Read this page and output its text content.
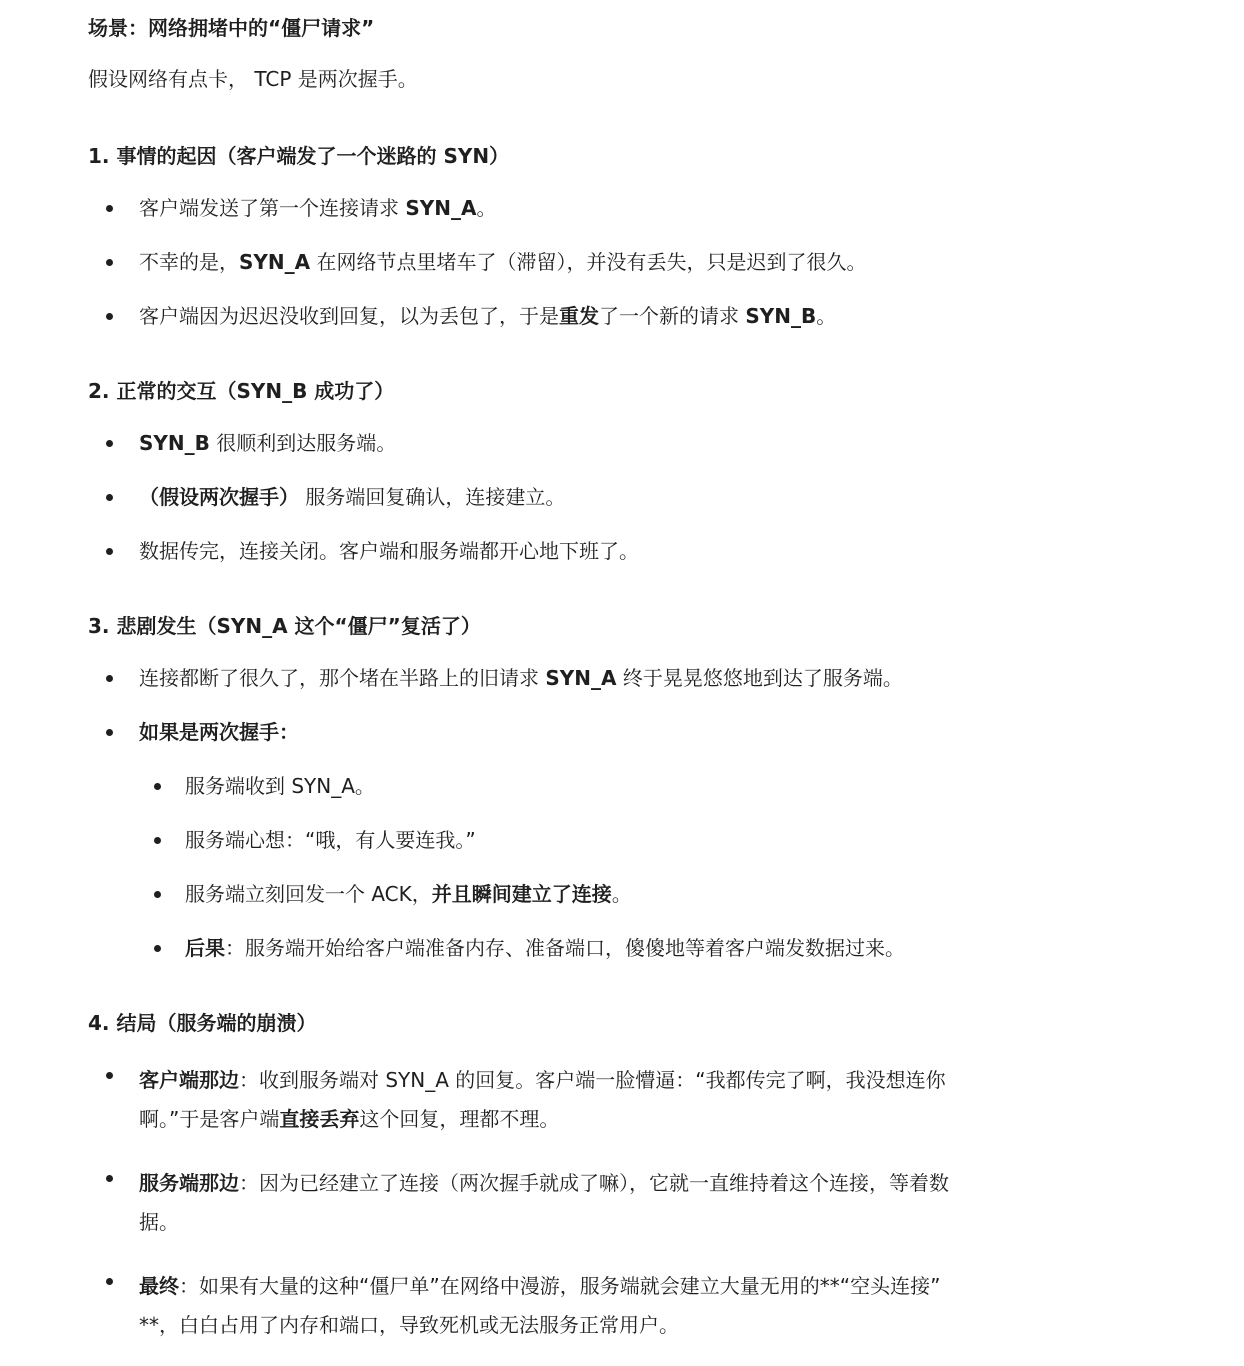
场景：网络拥堵中的“僵尸请求”

假设网络有点卡， TCP 是两次握手。

1. 事情的起因（客户端发了一个迷路的 SYN）

客户端发送了第一个连接请求 SYN_A。
不幸的是，SYN_A 在网络节点里堵车了（滞留），并没有丢失，只是迟到了很久。
客户端因为迟迟没收到回复，以为丢包了，于是重发了一个新的请求 SYN_B。

2. 正常的交互（SYN_B 成功了）

SYN_B 很顺利到达服务端。
（假设两次握手） 服务端回复确认，连接建立。
数据传完，连接关闭。客户端和服务端都开心地下班了。

3. 悲剧发生（SYN_A 这个“僵尸”复活了）

连接都断了很久了，那个堵在半路上的旧请求 SYN_A 终于晃晃悠悠地到达了服务端。
如果是两次握手：
服务端收到 SYN_A。
服务端心想：“哦，有人要连我。”
服务端立刻回发一个 ACK，并且瞬间建立了连接。
后果：服务端开始给客户端准备内存、准备端口，傻傻地等着客户端发数据过来。

4. 结局（服务端的崩溃）

客户端那边：收到服务端对 SYN_A 的回复。客户端一脸懵逼：“我都传完了啊，我没想连你
啊。”于是客户端直接丢弃这个回复，理都不理。
服务端那边：因为已经建立了连接（两次握手就成了嘛），它就一直维持着这个连接，等着数
据。
最终：如果有大量的这种“僵尸单”在网络中漫游，服务端就会建立大量无用的**“空头连接”
**，白白占用了内存和端口，导致死机或无法服务正常用户。
